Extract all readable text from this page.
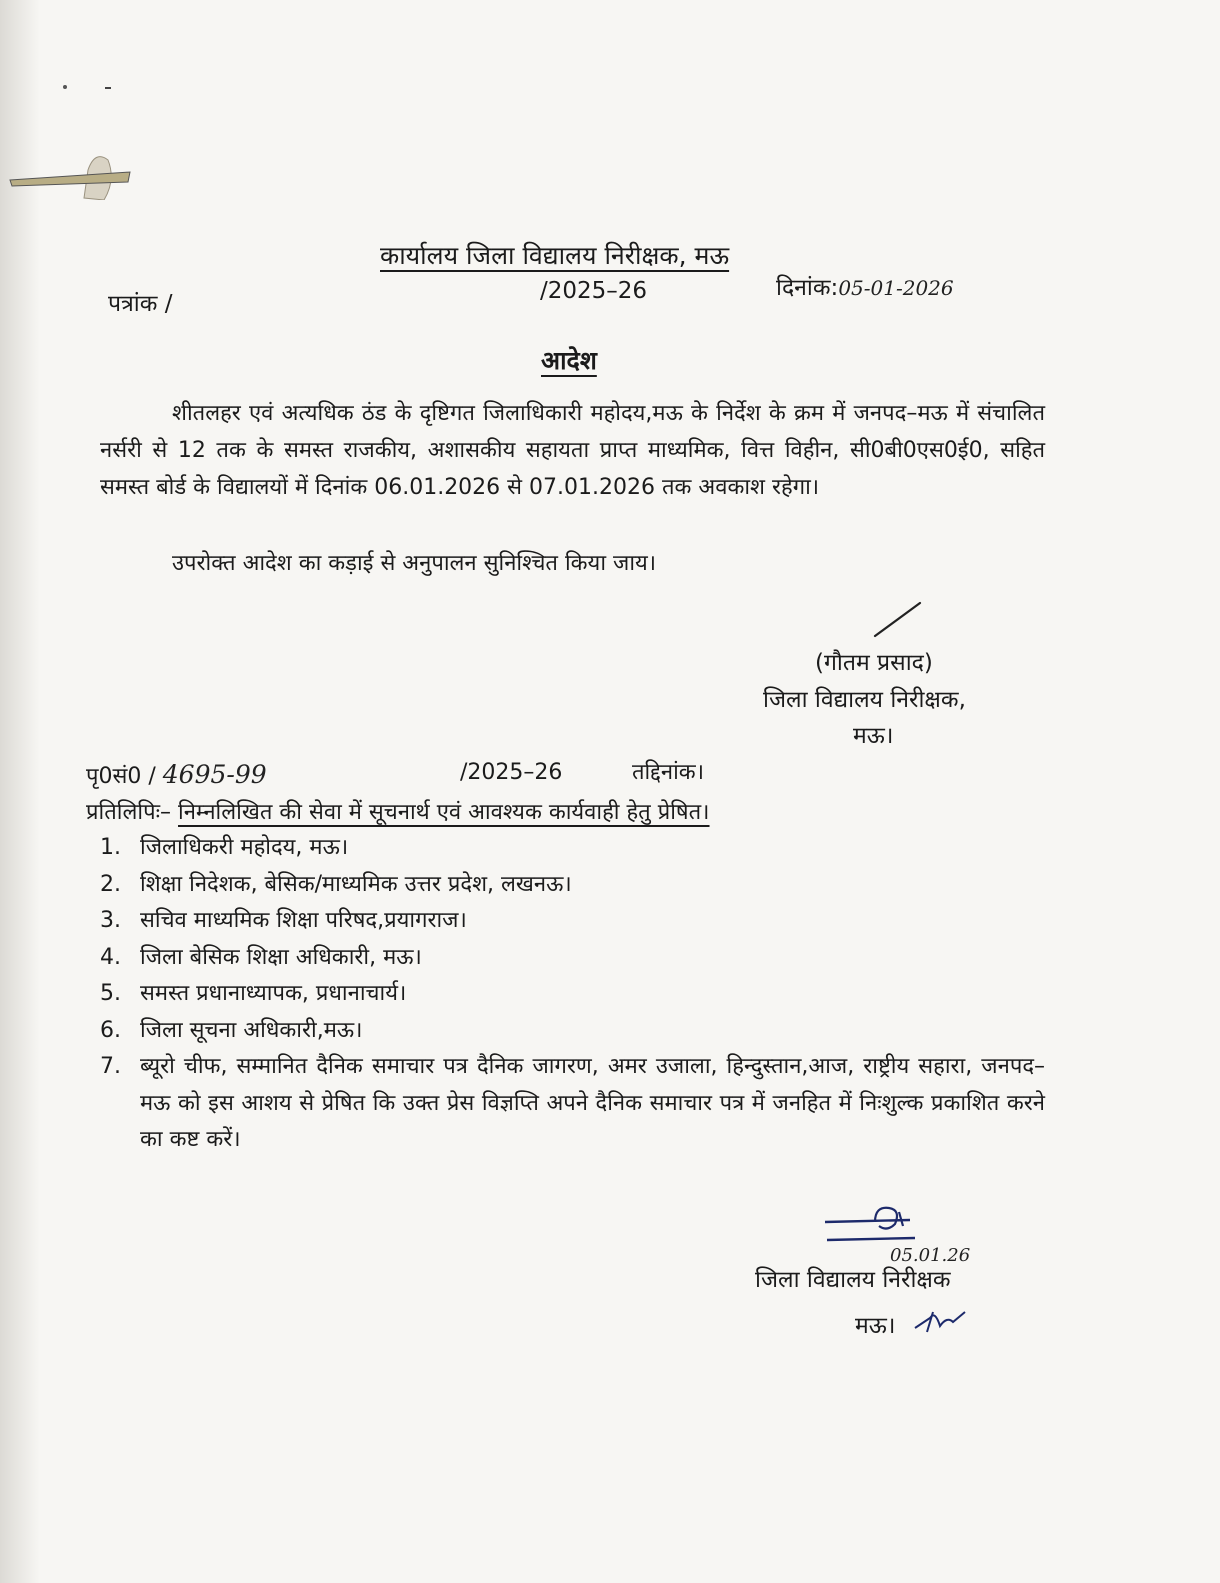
कार्यालय जिला विद्यालय निरीक्षक, मऊ
पत्रांक /	/2025–26	दिनांक:05-01-2026
आदेश

शीतलहर एवं अत्यधिक ठंड के दृष्टिगत जिलाधिकारी महोदय,मऊ के निर्देश के क्रम में जनपद–मऊ में संचालित नर्सरी से 12 तक के समस्त राजकीय, अशासकीय सहायता प्राप्त माध्यमिक, वित्त विहीन, सी0बी0एस0ई0, सहित समस्त बोर्ड के विद्यालयों में दिनांक 06.01.2026 से 07.01.2026 तक अवकाश रहेगा।

उपरोक्त आदेश का कड़ाई से अनुपालन सुनिश्चित किया जाय।

(गौतम प्रसाद)
जिला विद्यालय निरीक्षक,
मऊ।
पृ0सं0 / 4695-99	/2025–26	तद्दिनांक।
प्रतिलिपिः– निम्नलिखित की सेवा में सूचनार्थ एवं आवश्यक कार्यवाही हेतु प्रेषित।
1. जिलाधिकरी महोदय, मऊ।
2. शिक्षा निदेशक, बेसिक/माध्यमिक उत्तर प्रदेश, लखनऊ।
3. सचिव माध्यमिक शिक्षा परिषद,प्रयागराज।
4. जिला बेसिक शिक्षा अधिकारी, मऊ।
5. समस्त प्रधानाध्यापक, प्रधानाचार्य।
6. जिला सूचना अधिकारी,मऊ।
7. ब्यूरो चीफ, सम्मानित दैनिक समाचार पत्र दैनिक जागरण, अमर उजाला, हिन्दुस्तान,आज, राष्ट्रीय सहारा, जनपद–मऊ को इस आशय से प्रेषित कि उक्त प्रेस विज्ञप्ति अपने दैनिक समाचार पत्र में जनहित में निःशुल्क प्रकाशित करने का कष्ट करें।
05.01.26
जिला विद्यालय निरीक्षक
मऊ।
